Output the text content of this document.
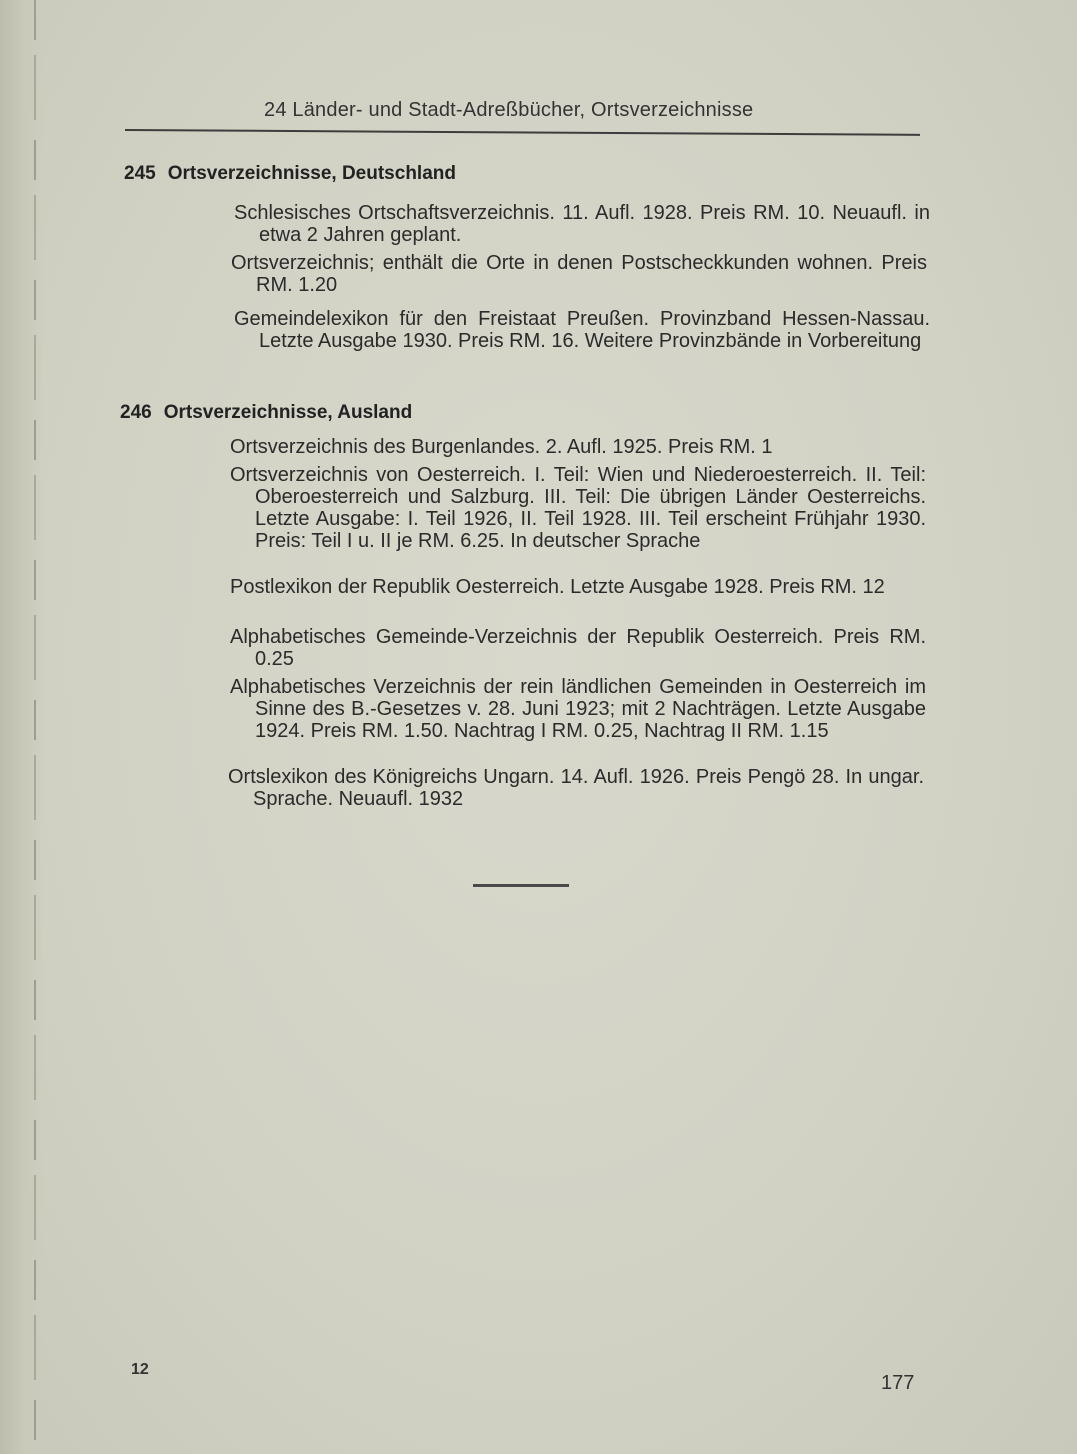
24 Länder- und Stadt-Adreßbücher, Ortsverzeichnisse
245 Ortsverzeichnisse, Deutschland
Schlesisches Ortschaftsverzeichnis. 11. Aufl. 1928. Preis RM. 10. Neuaufl. in etwa 2 Jahren geplant.
Ortsverzeichnis; enthält die Orte in denen Postscheckkunden wohnen. Preis RM. 1.20
Gemeindelexikon für den Freistaat Preußen. Provinzband Hessen-Nassau. Letzte Ausgabe 1930. Preis RM. 16. Weitere Provinzbände in Vorbereitung
246 Ortsverzeichnisse, Ausland
Ortsverzeichnis des Burgenlandes. 2. Aufl. 1925. Preis RM. 1
Ortsverzeichnis von Oesterreich. I. Teil: Wien und Niederoesterreich. II. Teil: Oberoesterreich und Salzburg. III. Teil: Die übrigen Länder Oesterreichs. Letzte Ausgabe: I. Teil 1926, II. Teil 1928. III. Teil erscheint Frühjahr 1930. Preis: Teil I u. II je RM. 6.25. In deutscher Sprache
Postlexikon der Republik Oesterreich. Letzte Ausgabe 1928. Preis RM. 12
Alphabetisches Gemeinde-Verzeichnis der Republik Oesterreich. Preis RM. 0.25
Alphabetisches Verzeichnis der rein ländlichen Gemeinden in Oesterreich im Sinne des B.-Gesetzes v. 28. Juni 1923; mit 2 Nachträgen. Letzte Ausgabe 1924. Preis RM. 1.50. Nachtrag I RM. 0.25, Nachtrag II RM. 1.15
Ortslexikon des Königreichs Ungarn. 14. Aufl. 1926. Preis Pengö 28. In ungar. Sprache. Neuaufl. 1932
12
177
